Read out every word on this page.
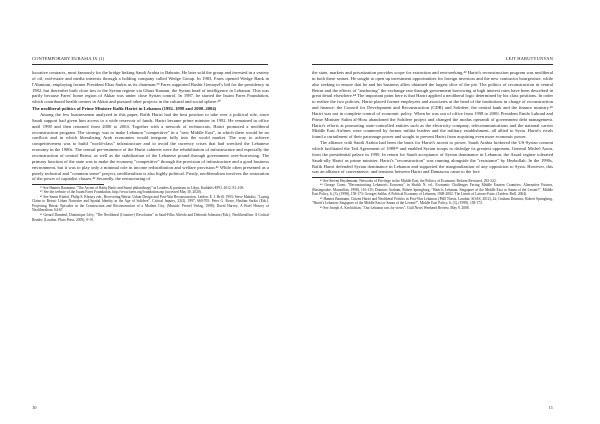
CONTEMPORARY EURASIA IX (1)

lucrative contracts, most famously for the bridge linking Saudi Arabia to Bahrain. He later sold the group and invested in a variety of oil, real-estate and media interests through a holding company called Wedge Group. In 1983, Fares opened Wedge Bank in l'Ahmiran, employing former President Elias Sarkis as its chairman.³⁹ Fares supported Bashir Gemayel's bid for the presidency in 1982, but thereafter built close ties to the Syrian regime via Ghazi Kanaan, the Syrian head of intelligence in Lebanon. This was partly because Fares' home region of Akkar was under close Syrian control. In 1987, he started the Issam Fares Foundation, which contributed health centres in Akkar and pursued other projects in the cultural and social sphere.⁴⁰

The neoliberal politics of Prime Minister Rafik Hariri in Lebanon (1992–1998 and 2000–2004)

Among the few businessmen analyzed in this paper, Rafik Hariri had the best position to take over a political role, since Saudi support had given him access to a wide reservoir of funds. Hariri became prime minister in 1992. He remained in office until 1998 and then returned from 2000 to 2004. Together with a network of technocrats, Hariri promoted a neoliberal reconstruction program. The strategy was to make Lebanon "competitive" in a "new Middle East", in which there would be no conflicts and in which liberalizing Arab economies would integrate fully into the world market. The way to achieve competitiveness was to build "world-class" infrastructure and to avoid the currency crises that had wrecked the Lebanese economy in the 1980s. The central pre-eminence of the Hariri cabinets were the rehabilitation of infrastructure and especially the reconstruction of central Beirut, as well as the stabilization of the Lebanese pound through government over-borrowing. The primary function of the state was to make the economy "competitive" through the provision of infrastructure and a good business environment, but it was to play only a minimal role in income redistribution and welfare provision.⁴¹ While often presented as a purely technical and "common sense" project, neoliberalism is also highly political. Firstly, neoliberalism involves the restoration of the power of capitalist classes.⁴² Secondly, the restructuring of

³⁹ See Hannes Baumann, "The Ascent of Rafiq Hariri and Sunni philanthropy" in Leaders & partisans in Libya, Kaddafis-EPO, 2012, 81–106.

⁴⁰ See the website of the Issam Fares Foundation, http://www.fares.org/foundation.asp (accessed May 30, 2020).

⁴¹ See Samir Khalaf, Philip S. Khoury eds., Recovering Beirut: Urban Design and Post-War Reconstruction, Leiden: E. J. Brill, 1993; Steve Makdisi, "Laying Claim to Beirut: Urban Narrative and Spatial Identity in the Age of Solidere", Critical Inquiry, 23(3), 1997, 660-705; Peter G. Rowe, Hashim Sarkis (Eds.), Projecting Beirut: Episodes in the Construction and Reconstruction of a Modern City, (Munich: Prestel Verlag, 1998); David Harvey, A Brief History of Neoliberalism, 64-67.

⁴² Gerard Duménil, Dominique Lévy, "The Neoliberal (Counter-) Revolution" in Saad-Filho Alfredo and Deborah Johnston (Eds.), NeoliberalIsm: A Critical Reader, (London: Pluto Press, 2005), 9-19.

10
LEJT HARUTYUNYAN

the state, markets and privatization provides scope for extraction and rent-seeking.⁴³ Hariri's reconstruction program was neoliberal in both these senses. He sought to open up investment opportunities for foreign investors and the new contractor bourgeoisie, while also seeking to ensure that he and his business allies obtained the largest slice of the pie. The politics of reconstruction in central Beirut and the effects of "anchoring" the exchange rate through government borrowing at high interest rates have been described in great detail elsewhere.⁴⁴ The important point here is that Hariri applied a neoliberal logic determined by his class positions. In order to realize the two policies, Hariri placed former employees and associates at the head of the institutions in charge of reconstruction and finance: the Council for Development and Reconstruction (CDR) and Solidere, the central bank and the finance ministry.⁴⁵ Hariri was not in complete control of economic policy. When he was out of office from 1998 to 2000, President Emile Lahoud and Prime Minister Salim al-Hoss abandoned the Solidere project and changed the modus operandi of government debt management. Hariri's efforts at promoting state-controlled entities such as the electricity company, telecommunications and the national carrier Middle East Airlines were countered by former militia leaders and the military establishment, all allied to Syria. Hariri's rivals found a curtailment of their patronage power and sought to prevent Hariri from acquiring even more economic power.

The alliance with Saudi Arabia had been the basis for Hariri's ascent to power. Saudi Arabia brokered the US-Syrian consent which facilitated the Taif Agreement of 1989⁴⁶ and enabled Syrian troops to dislodge its greatest opponent, General Michel Aoun, from the presidential palace in 1990. In return for Saudi acceptance of Syrian dominance in Lebanon, the Assad regime tolerated Saudi-ally Hariri as prime minister. Hariri's "reconstruction" was running alongside the "resistance" by Hezbollah. In the 1990s, Rafik Hariri defended Syrian dominance in Lebanon and supported the marginalization of any opposition to Syria. However, this was an alliance of convenience, and tensions between Hariri and Damascus came to the fore

⁴³ See Steven Heydemann, Networks of Privilege in the Middle East: the Politics of Economic Reform Revisited, 292-322.

⁴⁴ George Corm, "Reconstructing Lebanon's Economy" in Shafik N. ed., Economic Challenges Facing Middle Eastern Countries: Alternative Futures, (Basingstoke: Macmillan, 1998), 116-135; Dominic Graham, Robert Springborg, "Hariri's Lebanon: Singapore of the Middle East or Sanaa of the Levant?", Middle East Policy, 6, (3), (1998), 158-173; Georges Saliba, A Political Economy of Lebanon, 1948-2002: The Limits of Laissez-Faire, (Leiden: Brill, 2004).

⁴⁵ Hannes Baumann, Citizen Hariri and Neoliberal Politics in Post-War Lebanon, (PhD Thesis, London: SOAS, 2012), 42; Graham Dominic, Robert Springborg, "Hariri's Lebanon: Singapore of the Middle East or Sanaa of the Levant?", Middle East Policy, 6, (3), (1998), 158-173.

⁴⁶ See Joseph A. Kechichian, "Our Lebanon was for views", Gulf News Weekend Review, May 9, 2008.

11
